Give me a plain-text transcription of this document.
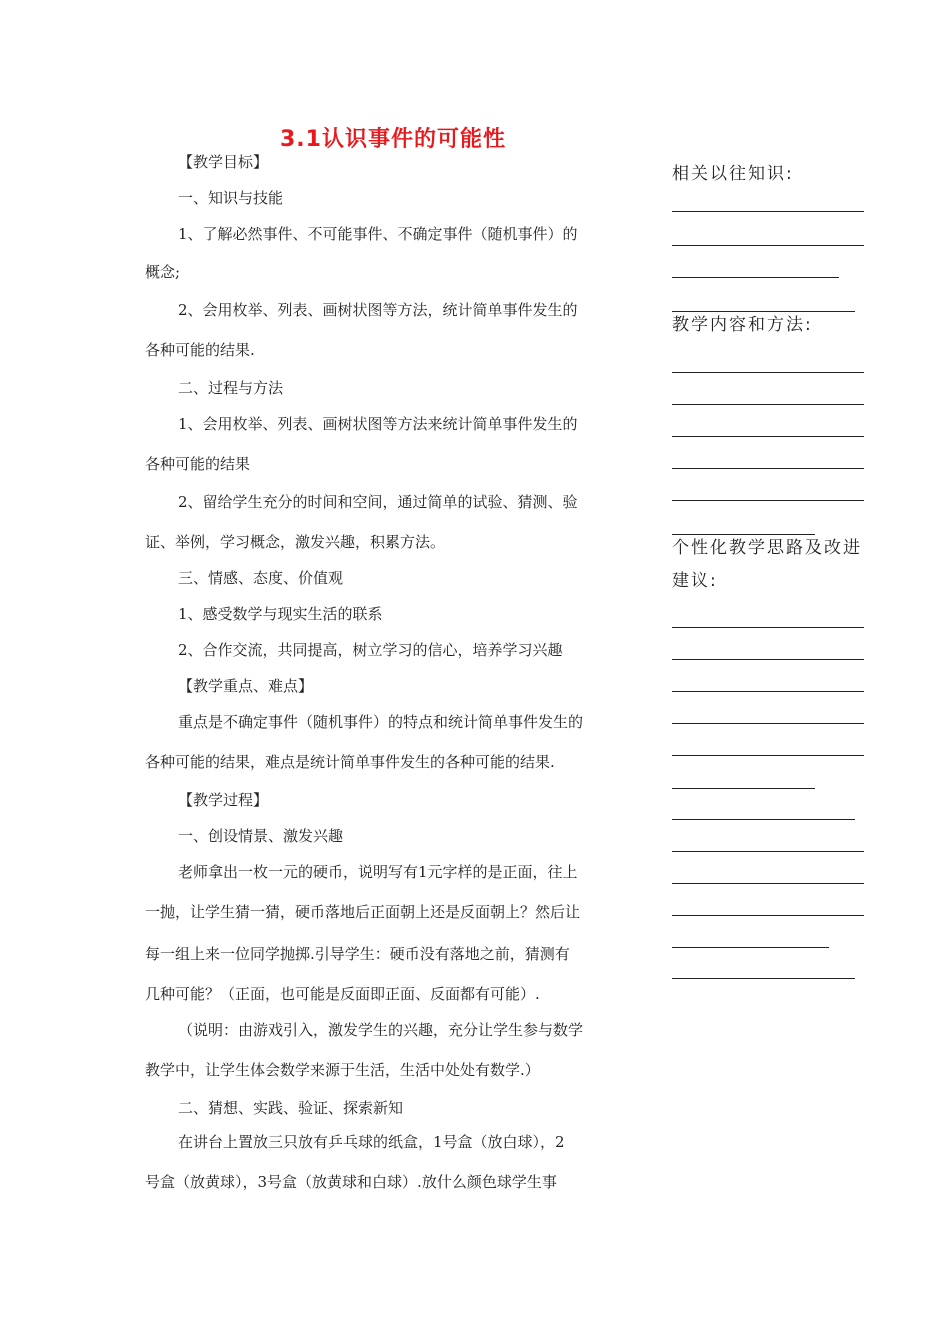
3.1认识事件的可能性
【教学目标】
一、知识与技能
1、了解必然事件、不可能事件、不确定事件（随机事件）的
概念;
2、会用枚举、列表、画树状图等方法，统计简单事件发生的
各种可能的结果.
二、过程与方法
1、会用枚举、列表、画树状图等方法来统计简单事件发生的
各种可能的结果
2、留给学生充分的时间和空间，通过简单的试验、猜测、验
证、举例，学习概念，激发兴趣，积累方法。
三、情感、态度、价值观
1、感受数学与现实生活的联系
2、合作交流，共同提高，树立学习的信心，培养学习兴趣
【教学重点、难点】
重点是不确定事件（随机事件）的特点和统计简单事件发生的
各种可能的结果，难点是统计简单事件发生的各种可能的结果.
【教学过程】
一、创设情景、激发兴趣
老师拿出一枚一元的硬币，说明写有1元字样的是正面，往上
一抛，让学生猜一猜，硬币落地后正面朝上还是反面朝上？然后让
每一组上来一位同学抛掷.引导学生：硬币没有落地之前，猜测有
几种可能？（正面，也可能是反面即正面、反面都有可能）.
（说明：由游戏引入，激发学生的兴趣，充分让学生参与数学
教学中，让学生体会数学来源于生活，生活中处处有数学.）
二、猜想、实践、验证、探索新知
在讲台上置放三只放有乒乓球的纸盒，1号盒（放白球），2
号盒（放黄球），3号盒（放黄球和白球）.放什么颜色球学生事
相关以往知识:
教学内容和方法:
个性化教学思路及改进
建议:
